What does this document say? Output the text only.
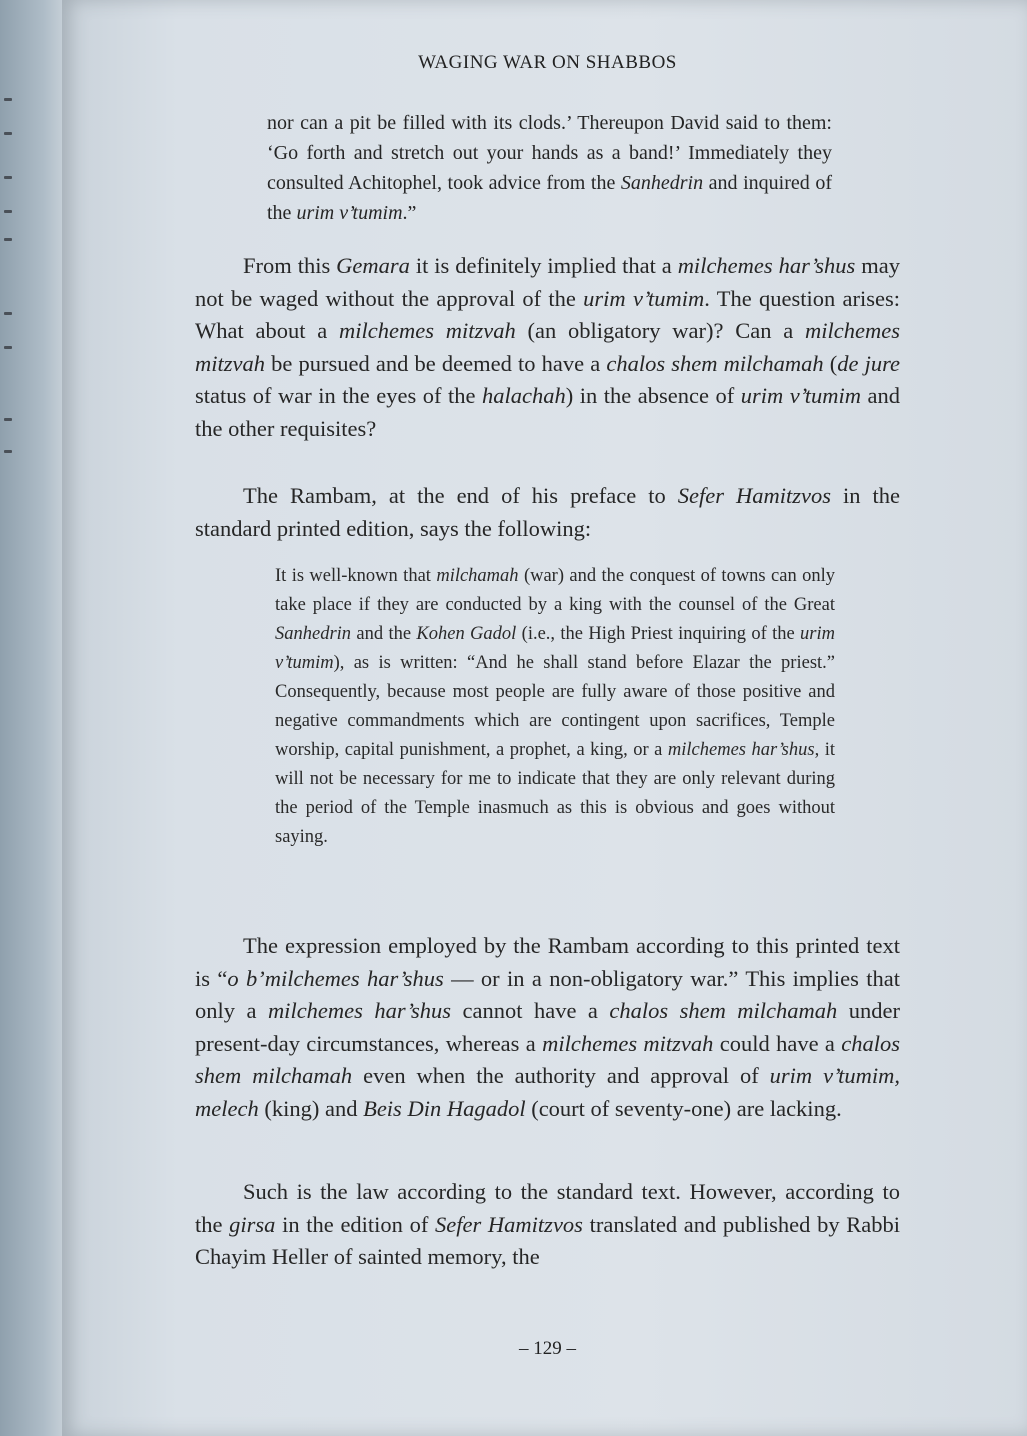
WAGING WAR ON SHABBOS
nor can a pit be filled with its clods.’ Thereupon David said to them: ‘Go forth and stretch out your hands as a band!’ Immediately they consulted Achitophel, took advice from the Sanhedrin and inquired of the urim v’tumim.”

From this Gemara it is definitely implied that a milchemes har’shus may not be waged without the approval of the urim v’tumim. The question arises: What about a milchemes mitzvah (an obligatory war)? Can a milchemes mitzvah be pursued and be deemed to have a chalos shem milchamah (de jure status of war in the eyes of the halachah) in the absence of urim v’tumim and the other requisites?

The Rambam, at the end of his preface to Sefer Hamitzvos in the standard printed edition, says the following:

It is well-known that milchamah (war) and the conquest of towns can only take place if they are conducted by a king with the counsel of the Great Sanhedrin and the Kohen Gadol (i.e., the High Priest inquiring of the urim v’tumim), as is written: “And he shall stand before Elazar the priest.” Consequently, because most people are fully aware of those positive and negative commandments which are contingent upon sacrifices, Temple worship, capital punishment, a prophet, a king, or a milchemes har’shus, it will not be necessary for me to indicate that they are only relevant during the period of the Temple inasmuch as this is obvious and goes without saying.

The expression employed by the Rambam according to this printed text is “o b’milchemes har’shus — or in a non-obligatory war.” This implies that only a milchemes har’shus cannot have a chalos shem milchamah under present-day circumstances, whereas a milchemes mitzvah could have a chalos shem milchamah even when the authority and approval of urim v’tumim, melech (king) and Beis Din Hagadol (court of seventy-one) are lacking.

Such is the law according to the standard text. However, according to the girsa in the edition of Sefer Hamitzvos translated and published by Rabbi Chayim Heller of sainted memory, the

– 129 –
